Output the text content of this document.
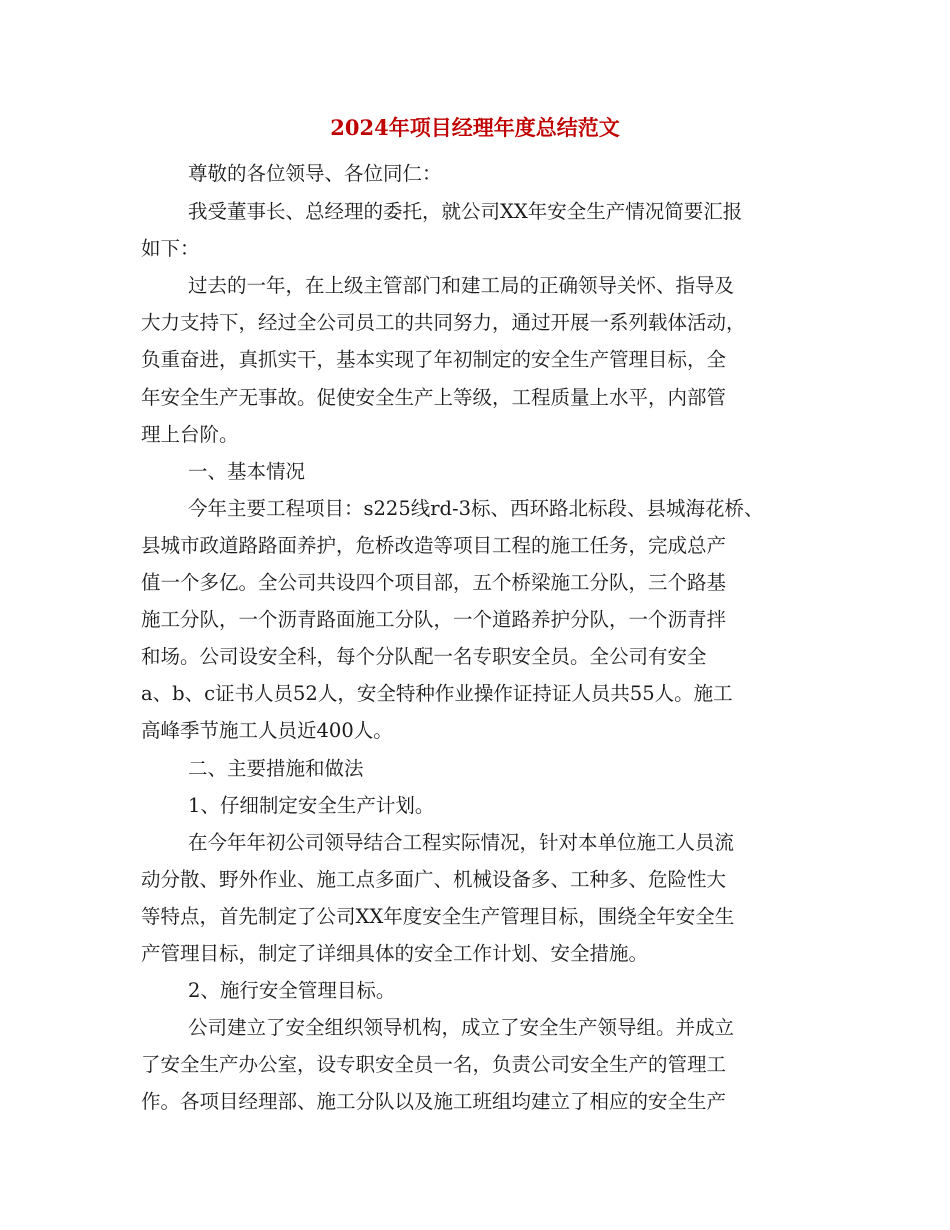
2024年项目经理年度总结范文
尊敬的各位领导、各位同仁：
我受董事长、总经理的委托，就公司XX年安全生产情况简要汇报
如下：
过去的一年，在上级主管部门和建工局的正确领导关怀、指导及
大力支持下，经过全公司员工的共同努力，通过开展一系列载体活动，
负重奋进，真抓实干，基本实现了年初制定的安全生产管理目标，全
年安全生产无事故。促使安全生产上等级，工程质量上水平，内部管
理上台阶。
一、基本情况
今年主要工程项目：s225线rd-3标、西环路北标段、县城海花桥、
县城市政道路路面养护，危桥改造等项目工程的施工任务，完成总产
值一个多亿。全公司共设四个项目部，五个桥梁施工分队，三个路基
施工分队，一个沥青路面施工分队，一个道路养护分队，一个沥青拌
和场。公司设安全科，每个分队配一名专职安全员。全公司有安全
a、b、c证书人员52人，安全特种作业操作证持证人员共55人。施工
高峰季节施工人员近400人。
二、主要措施和做法
1、仔细制定安全生产计划。
在今年年初公司领导结合工程实际情况，针对本单位施工人员流
动分散、野外作业、施工点多面广、机械设备多、工种多、危险性大
等特点，首先制定了公司XX年度安全生产管理目标，围绕全年安全生
产管理目标，制定了详细具体的安全工作计划、安全措施。
2、施行安全管理目标。
公司建立了安全组织领导机构，成立了安全生产领导组。并成立
了安全生产办公室，设专职安全员一名，负责公司安全生产的管理工
作。各项目经理部、施工分队以及施工班组均建立了相应的安全生产
